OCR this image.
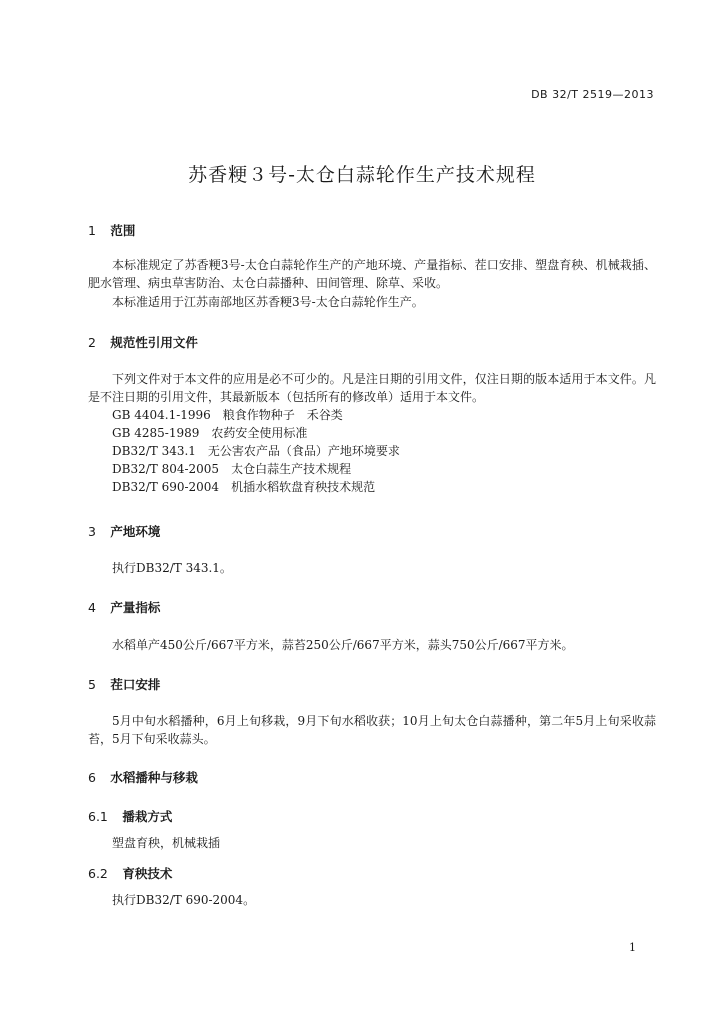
DB 32/T 2519—2013
苏香粳３号-太仓白蒜轮作生产技术规程
1 范围
本标准规定了苏香粳3号-太仓白蒜轮作生产的产地环境、产量指标、茬口安排、塑盘育秧、机械栽插、肥水管理、病虫草害防治、太仓白蒜播种、田间管理、除草、采收。
本标准适用于江苏南部地区苏香粳3号-太仓白蒜轮作生产。
2 规范性引用文件
下列文件对于本文件的应用是必不可少的。凡是注日期的引用文件，仅注日期的版本适用于本文件。凡是不注日期的引用文件，其最新版本（包括所有的修改单）适用于本文件。
GB 4404.1-1996　粮食作物种子　禾谷类
GB 4285-1989　农药安全使用标准
DB32/T 343.1　无公害农产品（食品）产地环境要求
DB32/T 804-2005　太仓白蒜生产技术规程
DB32/T 690-2004　机插水稻软盘育秧技术规范
3 产地环境
执行DB32/T 343.1。
4 产量指标
水稻单产450公斤/667平方米，蒜苔250公斤/667平方米，蒜头750公斤/667平方米。
5 茬口安排
5月中旬水稻播种，6月上旬移栽，9月下旬水稻收获；10月上旬太仓白蒜播种，第二年5月上旬采收蒜苔，5月下旬采收蒜头。
6 水稻播种与移栽
6.1 播栽方式
塑盘育秧，机械栽插
6.2 育秧技术
执行DB32/T 690-2004。
1
